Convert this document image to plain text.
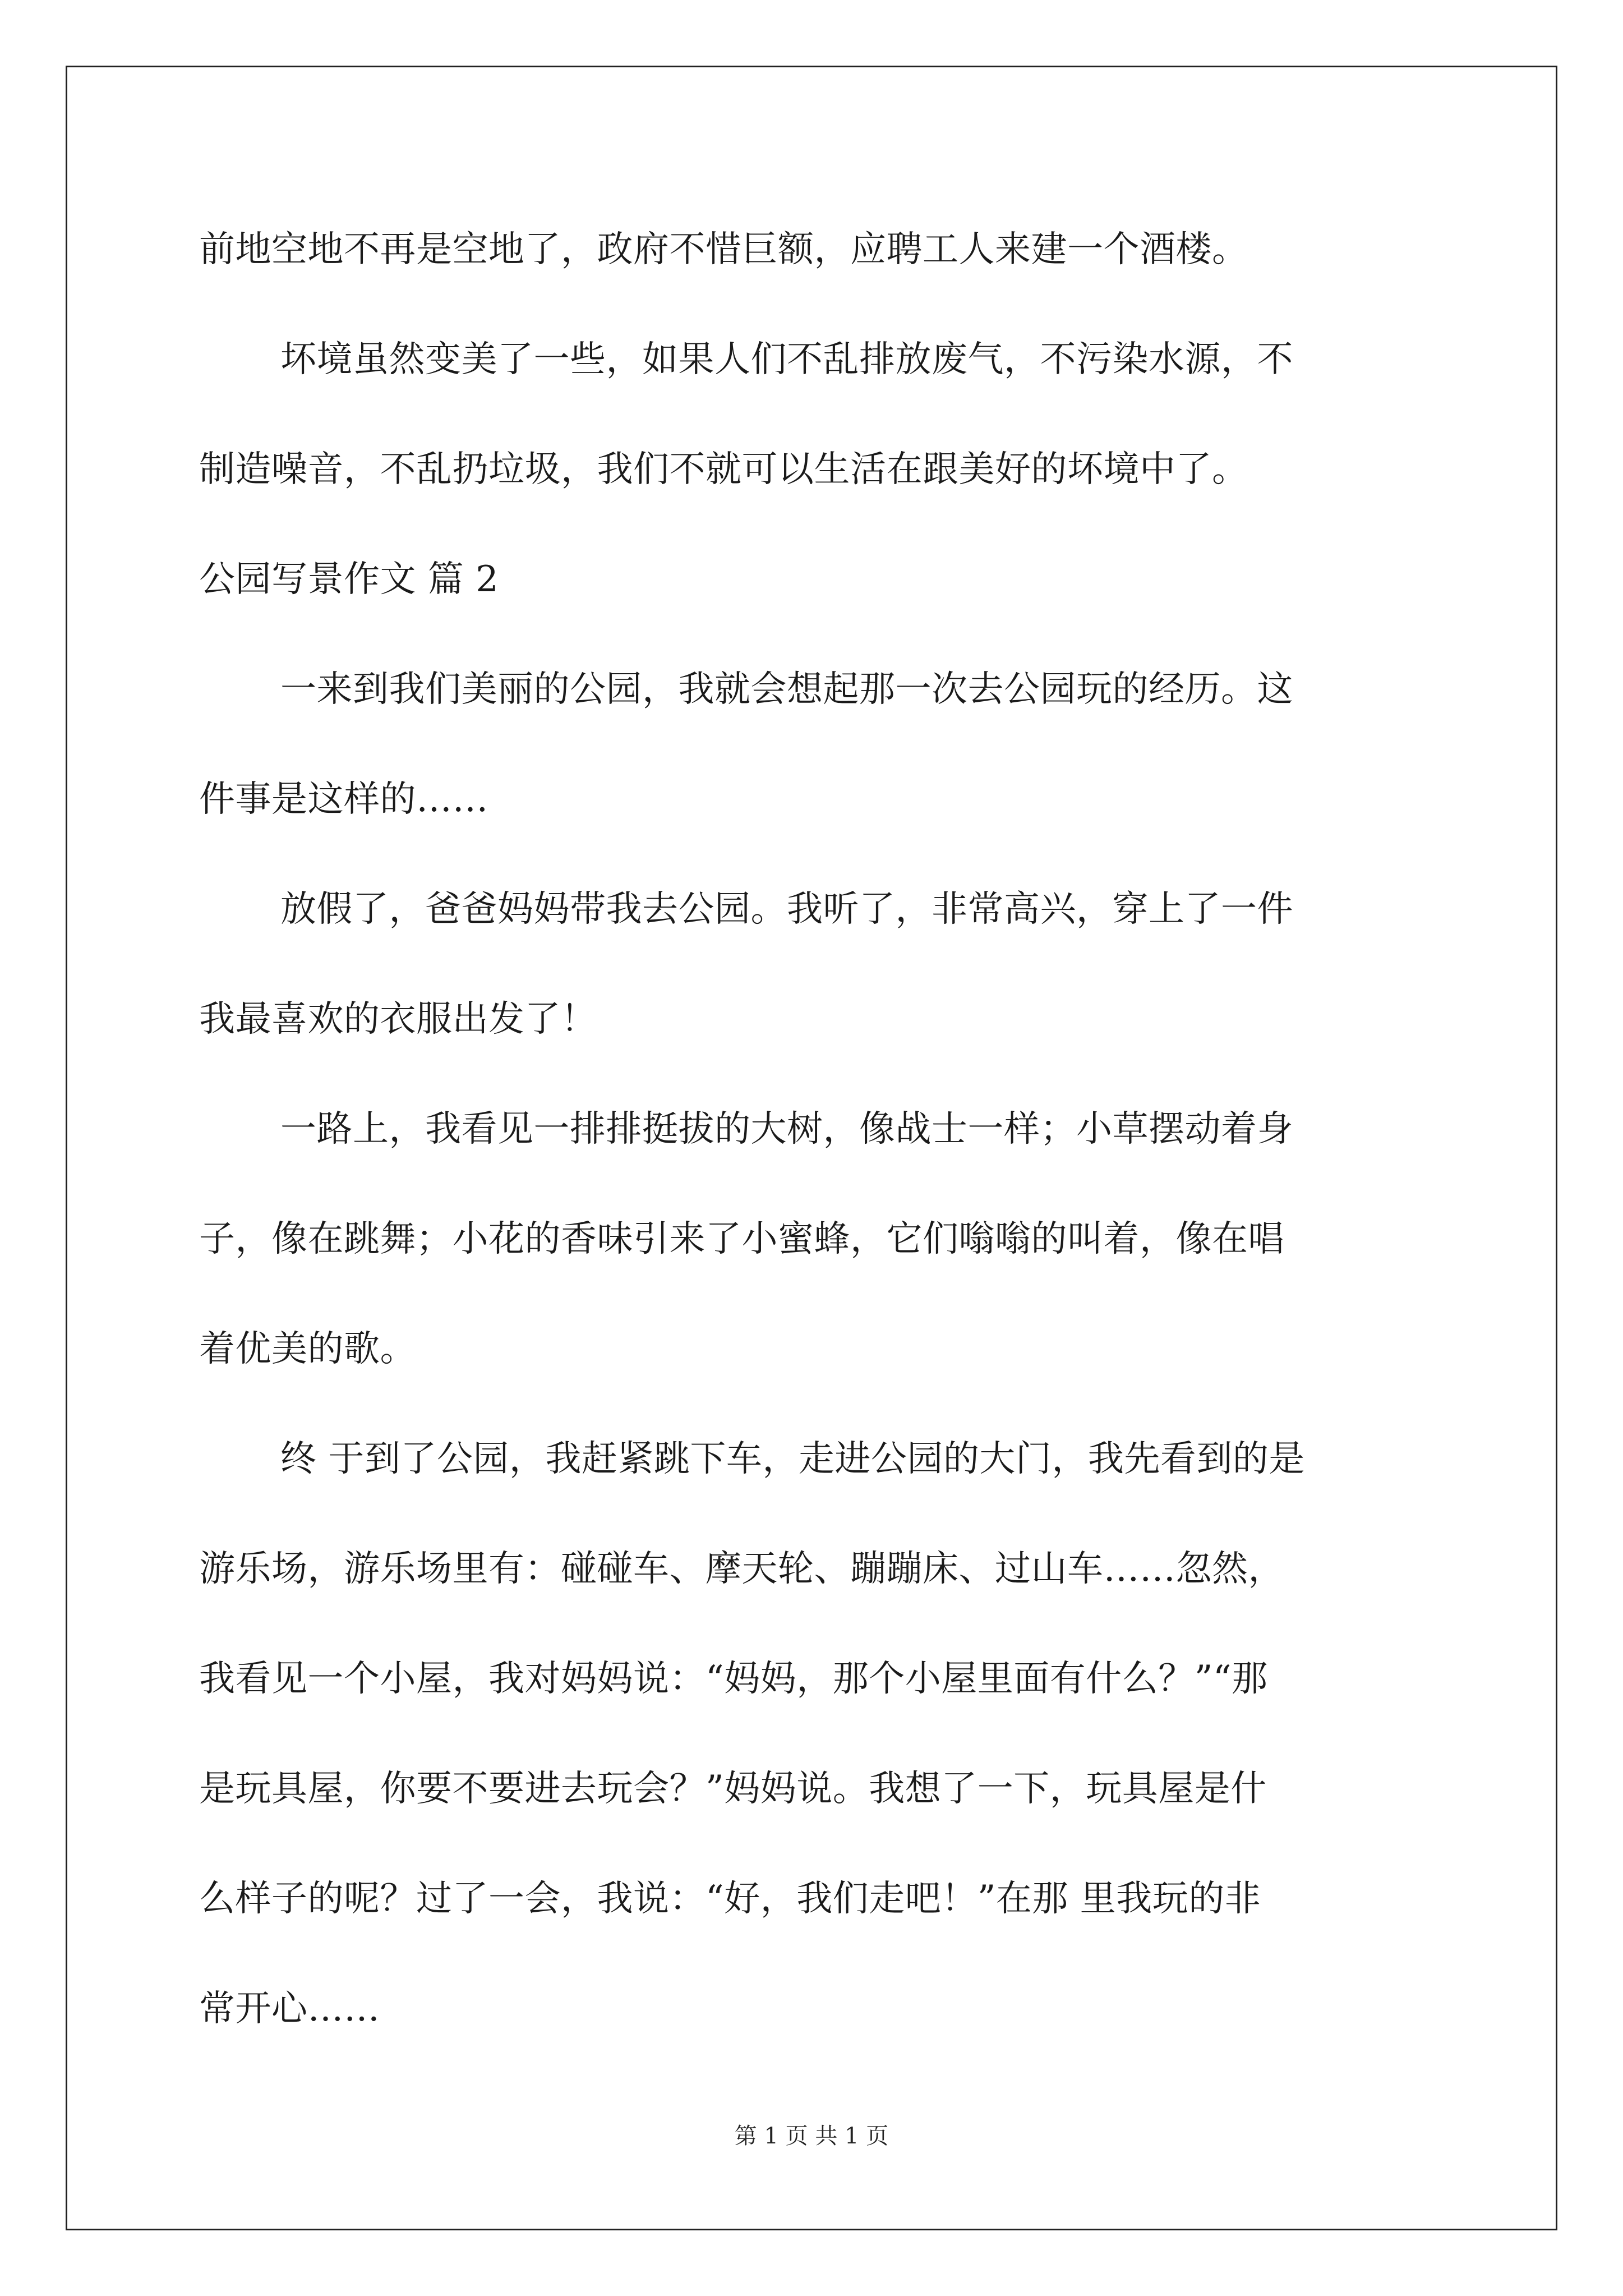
前地空地不再是空地了，政府不惜巨额，应聘工人来建一个酒楼。
坏境虽然变美了一些，如果人们不乱排放废气，不污染水源，不
制造噪音，不乱扔垃圾，我们不就可以生活在跟美好的坏境中了。
公园写景作文 篇 2
一来到我们美丽的公园，我就会想起那一次去公园玩的经历。这
件事是这样的……
放假了，爸爸妈妈带我去公园。我听了，非常高兴，穿上了一件
我最喜欢的衣服出发了！
一路上，我看见一排排挺拔的大树，像战士一样；小草摆动着身
子，像在跳舞；小花的香味引来了小蜜蜂，它们嗡嗡的叫着，像在唱
着优美的歌。
终 于到了公园，我赶紧跳下车，走进公园的大门，我先看到的是
游乐场，游乐场里有：碰碰车、摩天轮、蹦蹦床、过山车……忽然，
我看见一个小屋，我对妈妈说：“妈妈，那个小屋里面有什么？”“那
是玩具屋，你要不要进去玩会？”妈妈说。我想了一下，玩具屋是什
么样子的呢？过了一会，我说：“好，我们走吧！”在那 里我玩的非
常开心……
第 1 页 共 1 页
